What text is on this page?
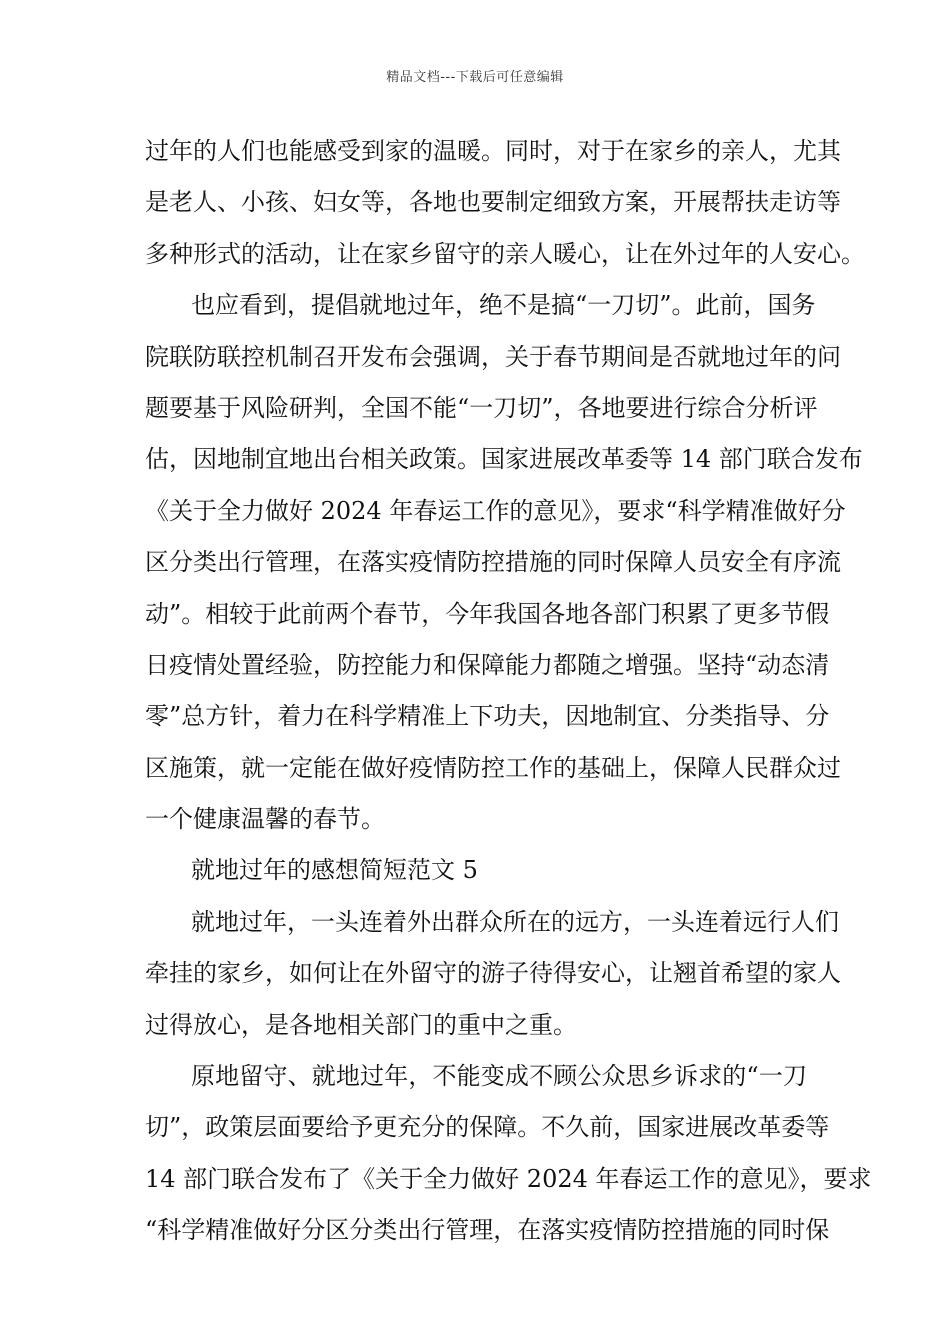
精品文档---下载后可任意编辑
过年的人们也能感受到家的温暖。同时，对于在家乡的亲人，尤其
是老人、小孩、妇女等，各地也要制定细致方案，开展帮扶走访等
多种形式的活动，让在家乡留守的亲人暖心，让在外过年的人安心。
也应看到，提倡就地过年，绝不是搞“一刀切”。此前，国务
院联防联控机制召开发布会强调，关于春节期间是否就地过年的问
题要基于风险研判，全国不能“一刀切”，各地要进行综合分析评
估，因地制宜地出台相关政策。国家进展改革委等 14 部门联合发布
《关于全力做好 2024 年春运工作的意见》，要求“科学精准做好分
区分类出行管理，在落实疫情防控措施的同时保障人员安全有序流
动”。相较于此前两个春节，今年我国各地各部门积累了更多节假
日疫情处置经验，防控能力和保障能力都随之增强。坚持“动态清
零”总方针，着力在科学精准上下功夫，因地制宜、分类指导、分
区施策，就一定能在做好疫情防控工作的基础上，保障人民群众过
一个健康温馨的春节。
就地过年的感想简短范文 5
就地过年，一头连着外出群众所在的远方，一头连着远行人们
牵挂的家乡，如何让在外留守的游子待得安心，让翘首希望的家人
过得放心，是各地相关部门的重中之重。
原地留守、就地过年，不能变成不顾公众思乡诉求的“一刀
切”，政策层面要给予更充分的保障。不久前，国家进展改革委等
14 部门联合发布了《关于全力做好 2024 年春运工作的意见》，要求
“科学精准做好分区分类出行管理，在落实疫情防控措施的同时保
